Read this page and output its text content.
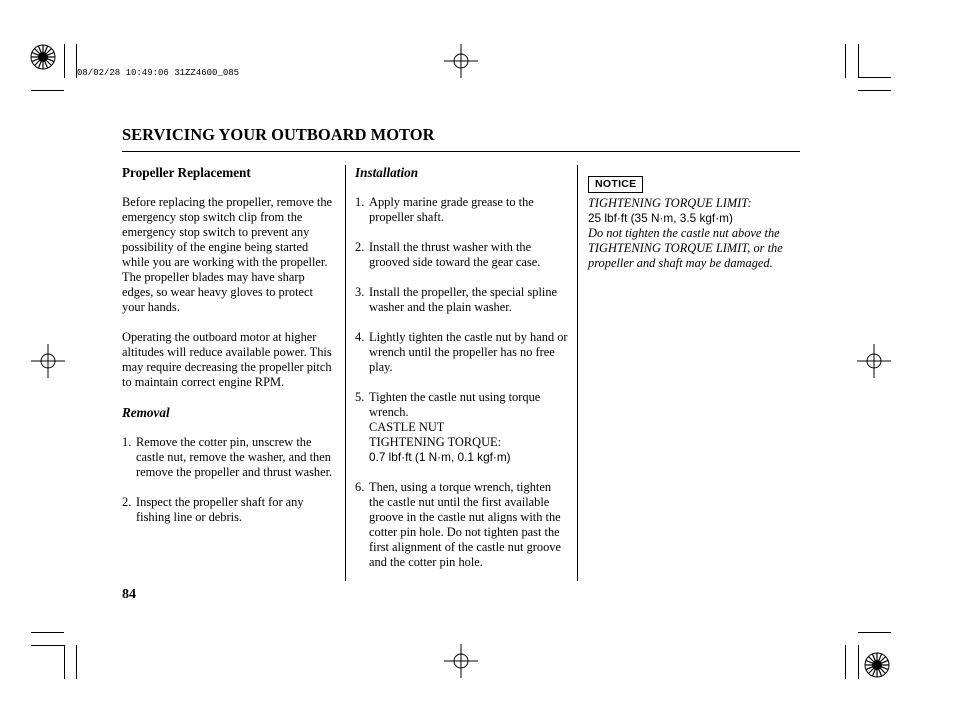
08/02/28 10:49:06 31ZZ4600_085
SERVICING YOUR OUTBOARD MOTOR

Propeller Replacement

Before replacing the propeller, remove the emergency stop switch clip from the emergency stop switch to prevent any possibility of the engine being started while you are working with the propeller.

The propeller blades may have sharp edges, so wear heavy gloves to protect your hands.

Operating the outboard motor at higher altitudes will reduce available power. This may require decreasing the propeller pitch to maintain correct engine RPM.

Removal

1. Remove the cotter pin, unscrew the castle nut, remove the washer, and then remove the propeller and thrust washer.
2. Inspect the propeller shaft for any fishing line or debris.

Installation

1. Apply marine grade grease to the propeller shaft.
2. Install the thrust washer with the grooved side toward the gear case.
3. Install the propeller, the special spline washer and the plain washer.
4. Lightly tighten the castle nut by hand or wrench until the propeller has no free play.
5. Tighten the castle nut using torque wrench.
CASTLE NUT
TIGHTENING TORQUE:
0.7 lbf·ft (1 N·m, 0.1 kgf·m)
6. Then, using a torque wrench, tighten the castle nut until the first available groove in the castle nut aligns with the cotter pin hole. Do not tighten past the first alignment of the castle nut groove and the cotter pin hole.
NOTICE

TIGHTENING TORQUE LIMIT:

25 lbf·ft (35 N·m, 3.5 kgf·m)

Do not tighten the castle nut above the TIGHTENING TORQUE LIMIT, or the propeller and shaft may be damaged.

84
